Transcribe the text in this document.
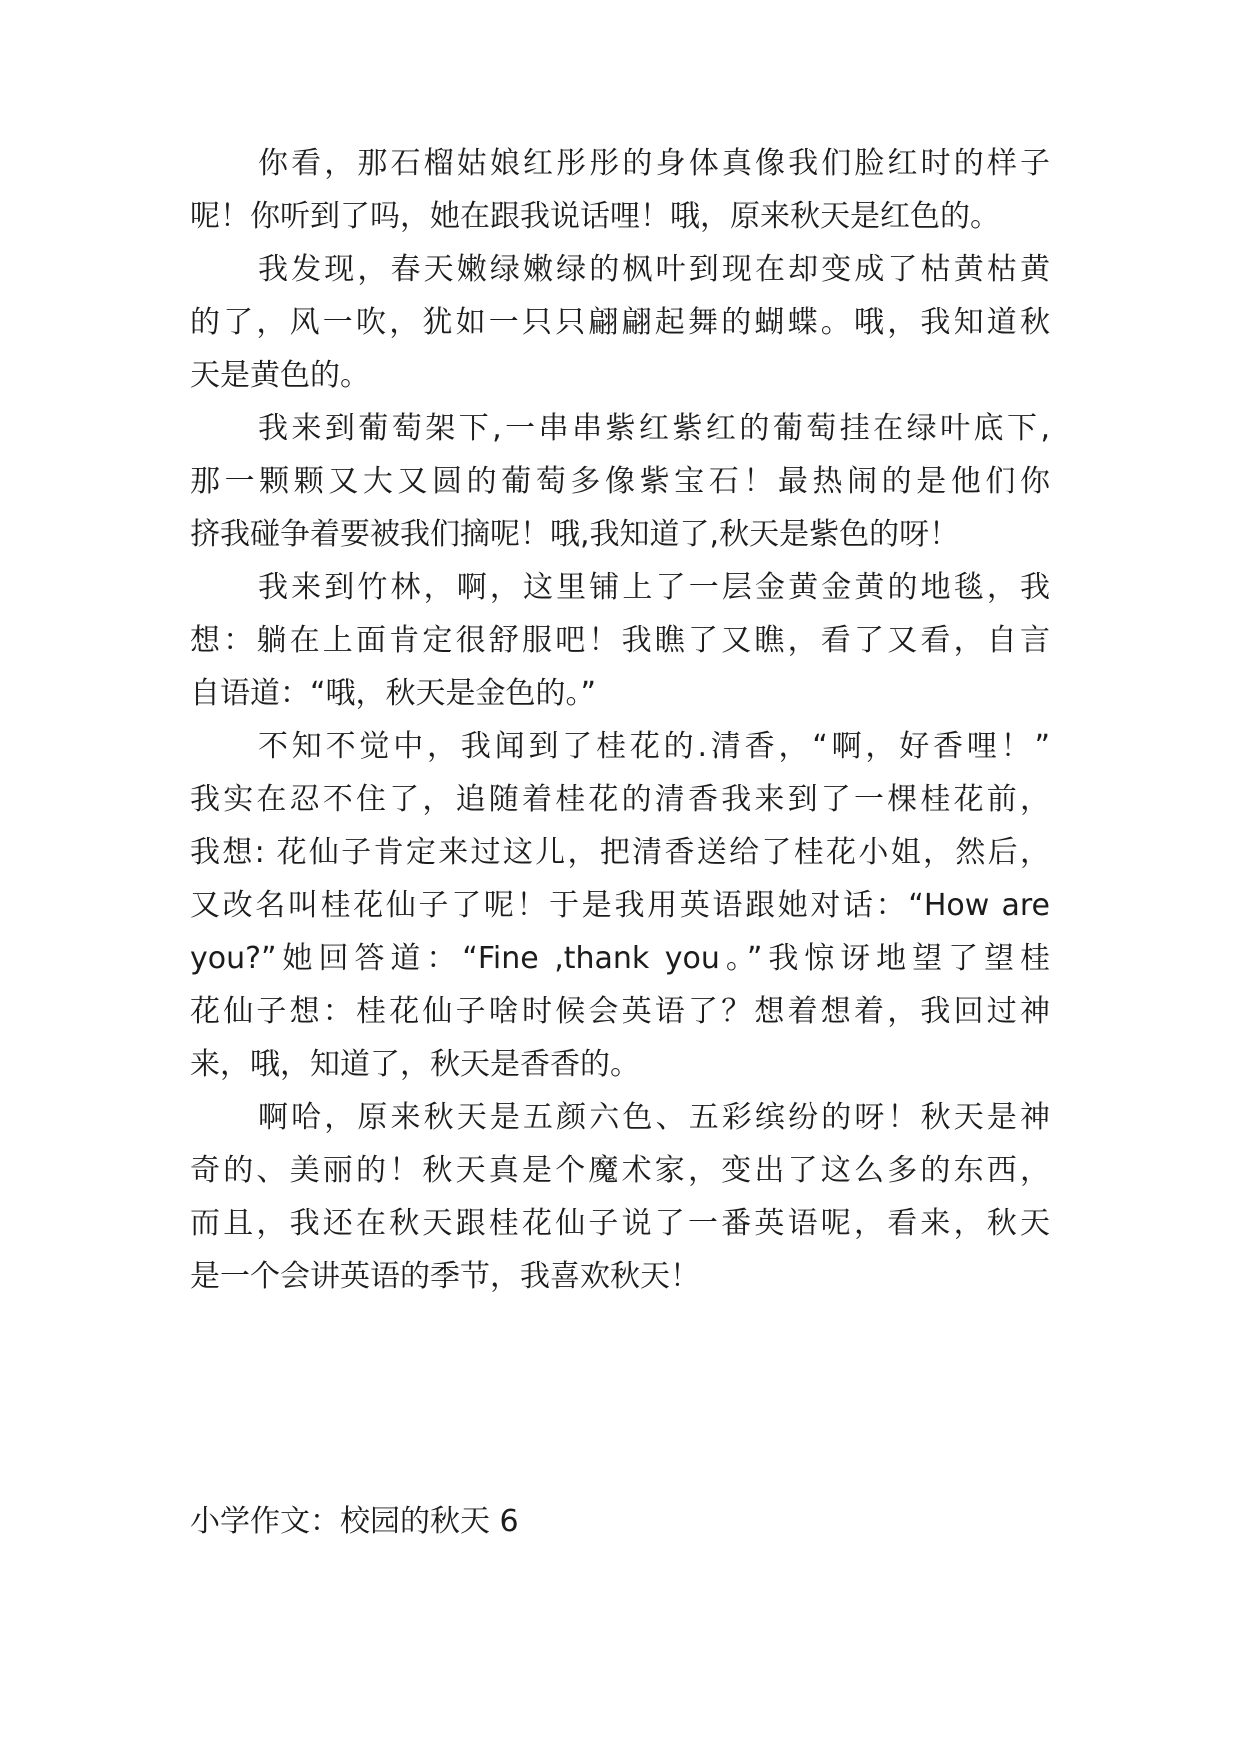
你看，那石榴姑娘红彤彤的身体真像我们脸红时的样子
呢！你听到了吗，她在跟我说话哩！哦，原来秋天是红色的。
我发现，春天嫩绿嫩绿的枫叶到现在却变成了枯黄枯黄
的了，风一吹，犹如一只只翩翩起舞的蝴蝶。哦，我知道秋
天是黄色的。
我来到葡萄架下,一串串紫红紫红的葡萄挂在绿叶底下,
那一颗颗又大又圆的葡萄多像紫宝石！最热闹的是他们你
挤我碰争着要被我们摘呢！哦,我知道了,秋天是紫色的呀！
我来到竹林，啊，这里铺上了一层金黄金黄的地毯，我
想：躺在上面肯定很舒服吧！我瞧了又瞧，看了又看，自言
自语道：“哦，秋天是金色的。”
不知不觉中，我闻到了桂花的.清香，“啊，好香哩！”
我实在忍不住了，追随着桂花的清香我来到了一棵桂花前，
我想: 花仙子肯定来过这儿，把清香送给了桂花小姐，然后，
又改名叫桂花仙子了呢！于是我用英语跟她对话：“How are
you?”她回答道：“Fine ,thank you。”我惊讶地望了望桂
花仙子想：桂花仙子啥时候会英语了？想着想着，我回过神
来，哦，知道了，秋天是香香的。
啊哈，原来秋天是五颜六色、五彩缤纷的呀！秋天是神
奇的、美丽的！秋天真是个魔术家，变出了这么多的东西，
而且，我还在秋天跟桂花仙子说了一番英语呢，看来，秋天
是一个会讲英语的季节，我喜欢秋天！
小学作文：校园的秋天 6
